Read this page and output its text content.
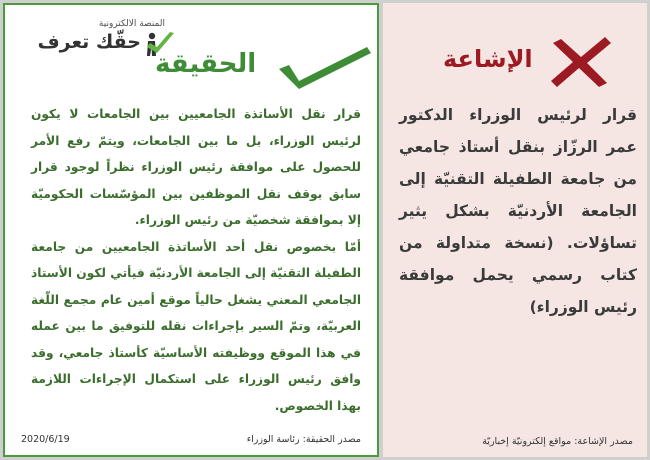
المنصة الالكترونية
حقّك تعرف
الحقيقة

قرار نقل الأساتذة الجامعيين بين الجامعات لا يكون لرئيس الوزراء، بل ما بين الجامعات، ويتمّ رفع الأمر للحصول على موافقة رئيس الوزراء نظراً لوجود قرار سابق بوقف نقل الموظفين بين المؤسّسات الحكوميّة إلا بموافقة شخصيّة من رئيس الوزراء.

أمّا بخصوص نقل أحد الأساتذة الجامعيين من جامعة الطفيلة التقنيّة إلى الجامعة الأردنيّة فيأتي لكون الأستاذ الجامعي المعني يشغل حالياً موقع أمين عام مجمع اللّغة العربيّة، وتمّ السير بإجراءات نقله للتوفيق ما بين عمله في هذا الموقع ووظيفته الأساسيّة كأستاذ جامعي، وقد وافق رئيس الوزراء على استكمال الإجراءات اللازمة بهذا الخصوص.

مصدر الحقيقة: رئاسة الوزراء
2020/6/19
الإشاعة

قرار لرئيس الوزراء الدكتور عمر الرزّاز بنقل أستاذ جامعي من جامعة الطفيلة التقنيّة إلى الجامعة الأردنيّة بشكل يثير تساؤلات. (نسخة متداولة من كتاب رسمي يحمل موافقة رئيس الوزراء)

مصدر الإشاعة: مواقع إلكترونيّة إخباريّة
